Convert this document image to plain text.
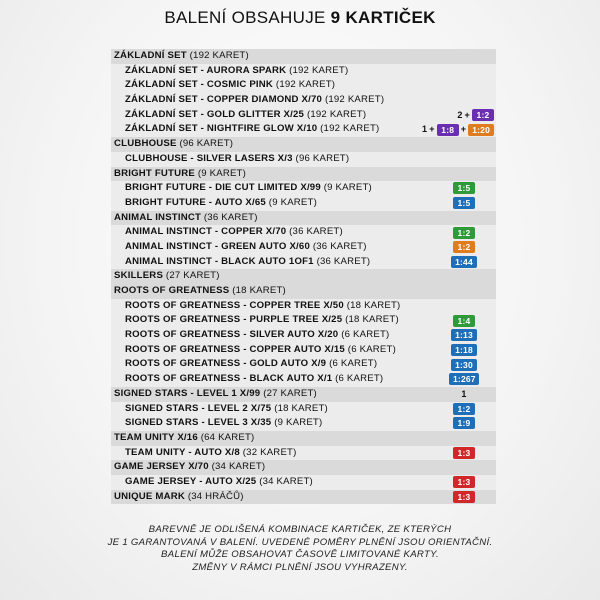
BALENÍ OBSAHUJE 9 KARTIČEK
ZÁKLADNÍ SET (192 KARET)
ZÁKLADNÍ SET - AURORA SPARK (192 KARET)
ZÁKLADNÍ SET - COSMIC PINK (192 KARET)
ZÁKLADNÍ SET - COPPER DIAMOND X/70 (192 KARET)
ZÁKLADNÍ SET - GOLD GLITTER X/25 (192 KARET)	2 + 1:2
ZÁKLADNÍ SET - NIGHTFIRE GLOW X/10 (192 KARET)	1 + 1:8 + 1:20
CLUBHOUSE (96 KARET)
CLUBHOUSE - SILVER LASERS X/3 (96 KARET)
BRIGHT FUTURE (9 KARET)
BRIGHT FUTURE - DIE CUT LIMITED X/99 (9 KARET)	1:5
BRIGHT FUTURE - AUTO X/65 (9 KARET)	1:5
ANIMAL INSTINCT (36 KARET)
ANIMAL INSTINCT - COPPER X/70 (36 KARET)	1:2
ANIMAL INSTINCT - GREEN AUTO X/60 (36 KARET)	1:2
ANIMAL INSTINCT - BLACK AUTO 1OF1 (36 KARET)	1:44
SKILLERS (27 KARET)
ROOTS OF GREATNESS (18 KARET)
ROOTS OF GREATNESS - COPPER TREE X/50 (18 KARET)
ROOTS OF GREATNESS - PURPLE TREE X/25 (18 KARET)	1:4
ROOTS OF GREATNESS - SILVER AUTO X/20 (6 KARET)	1:13
ROOTS OF GREATNESS - COPPER AUTO X/15 (6 KARET)	1:18
ROOTS OF GREATNESS - GOLD AUTO X/9 (6 KARET)	1:30
ROOTS OF GREATNESS - BLACK AUTO X/1 (6 KARET)	1:267
SIGNED STARS - LEVEL 1 X/99 (27 KARET)	1
SIGNED STARS - LEVEL 2 X/75 (18 KARET)	1:2
SIGNED STARS - LEVEL 3 X/35 (9 KARET)	1:9
TEAM UNITY X/16 (64 KARET)
TEAM UNITY - AUTO X/8 (32 KARET)	1:3
GAME JERSEY X/70 (34 KARET)
GAME JERSEY - AUTO X/25 (34 KARET)	1:3
UNIQUE MARK (34 HRÁČŮ)	1:3
BAREVNĚ JE ODLIŠENÁ KOMBINACE KARTIČEK, ZE KTERÝCH
JE 1 GARANTOVANÁ V BALENÍ. UVEDENÉ POMĚRY PLNĚNÍ JSOU ORIENTAČNÍ.
BALENÍ MŮŽE OBSAHOVAT ČASOVĚ LIMITOVANÉ KARTY.
ZMĚNY V RÁMCI PLNĚNÍ JSOU VYHRAZENY.
